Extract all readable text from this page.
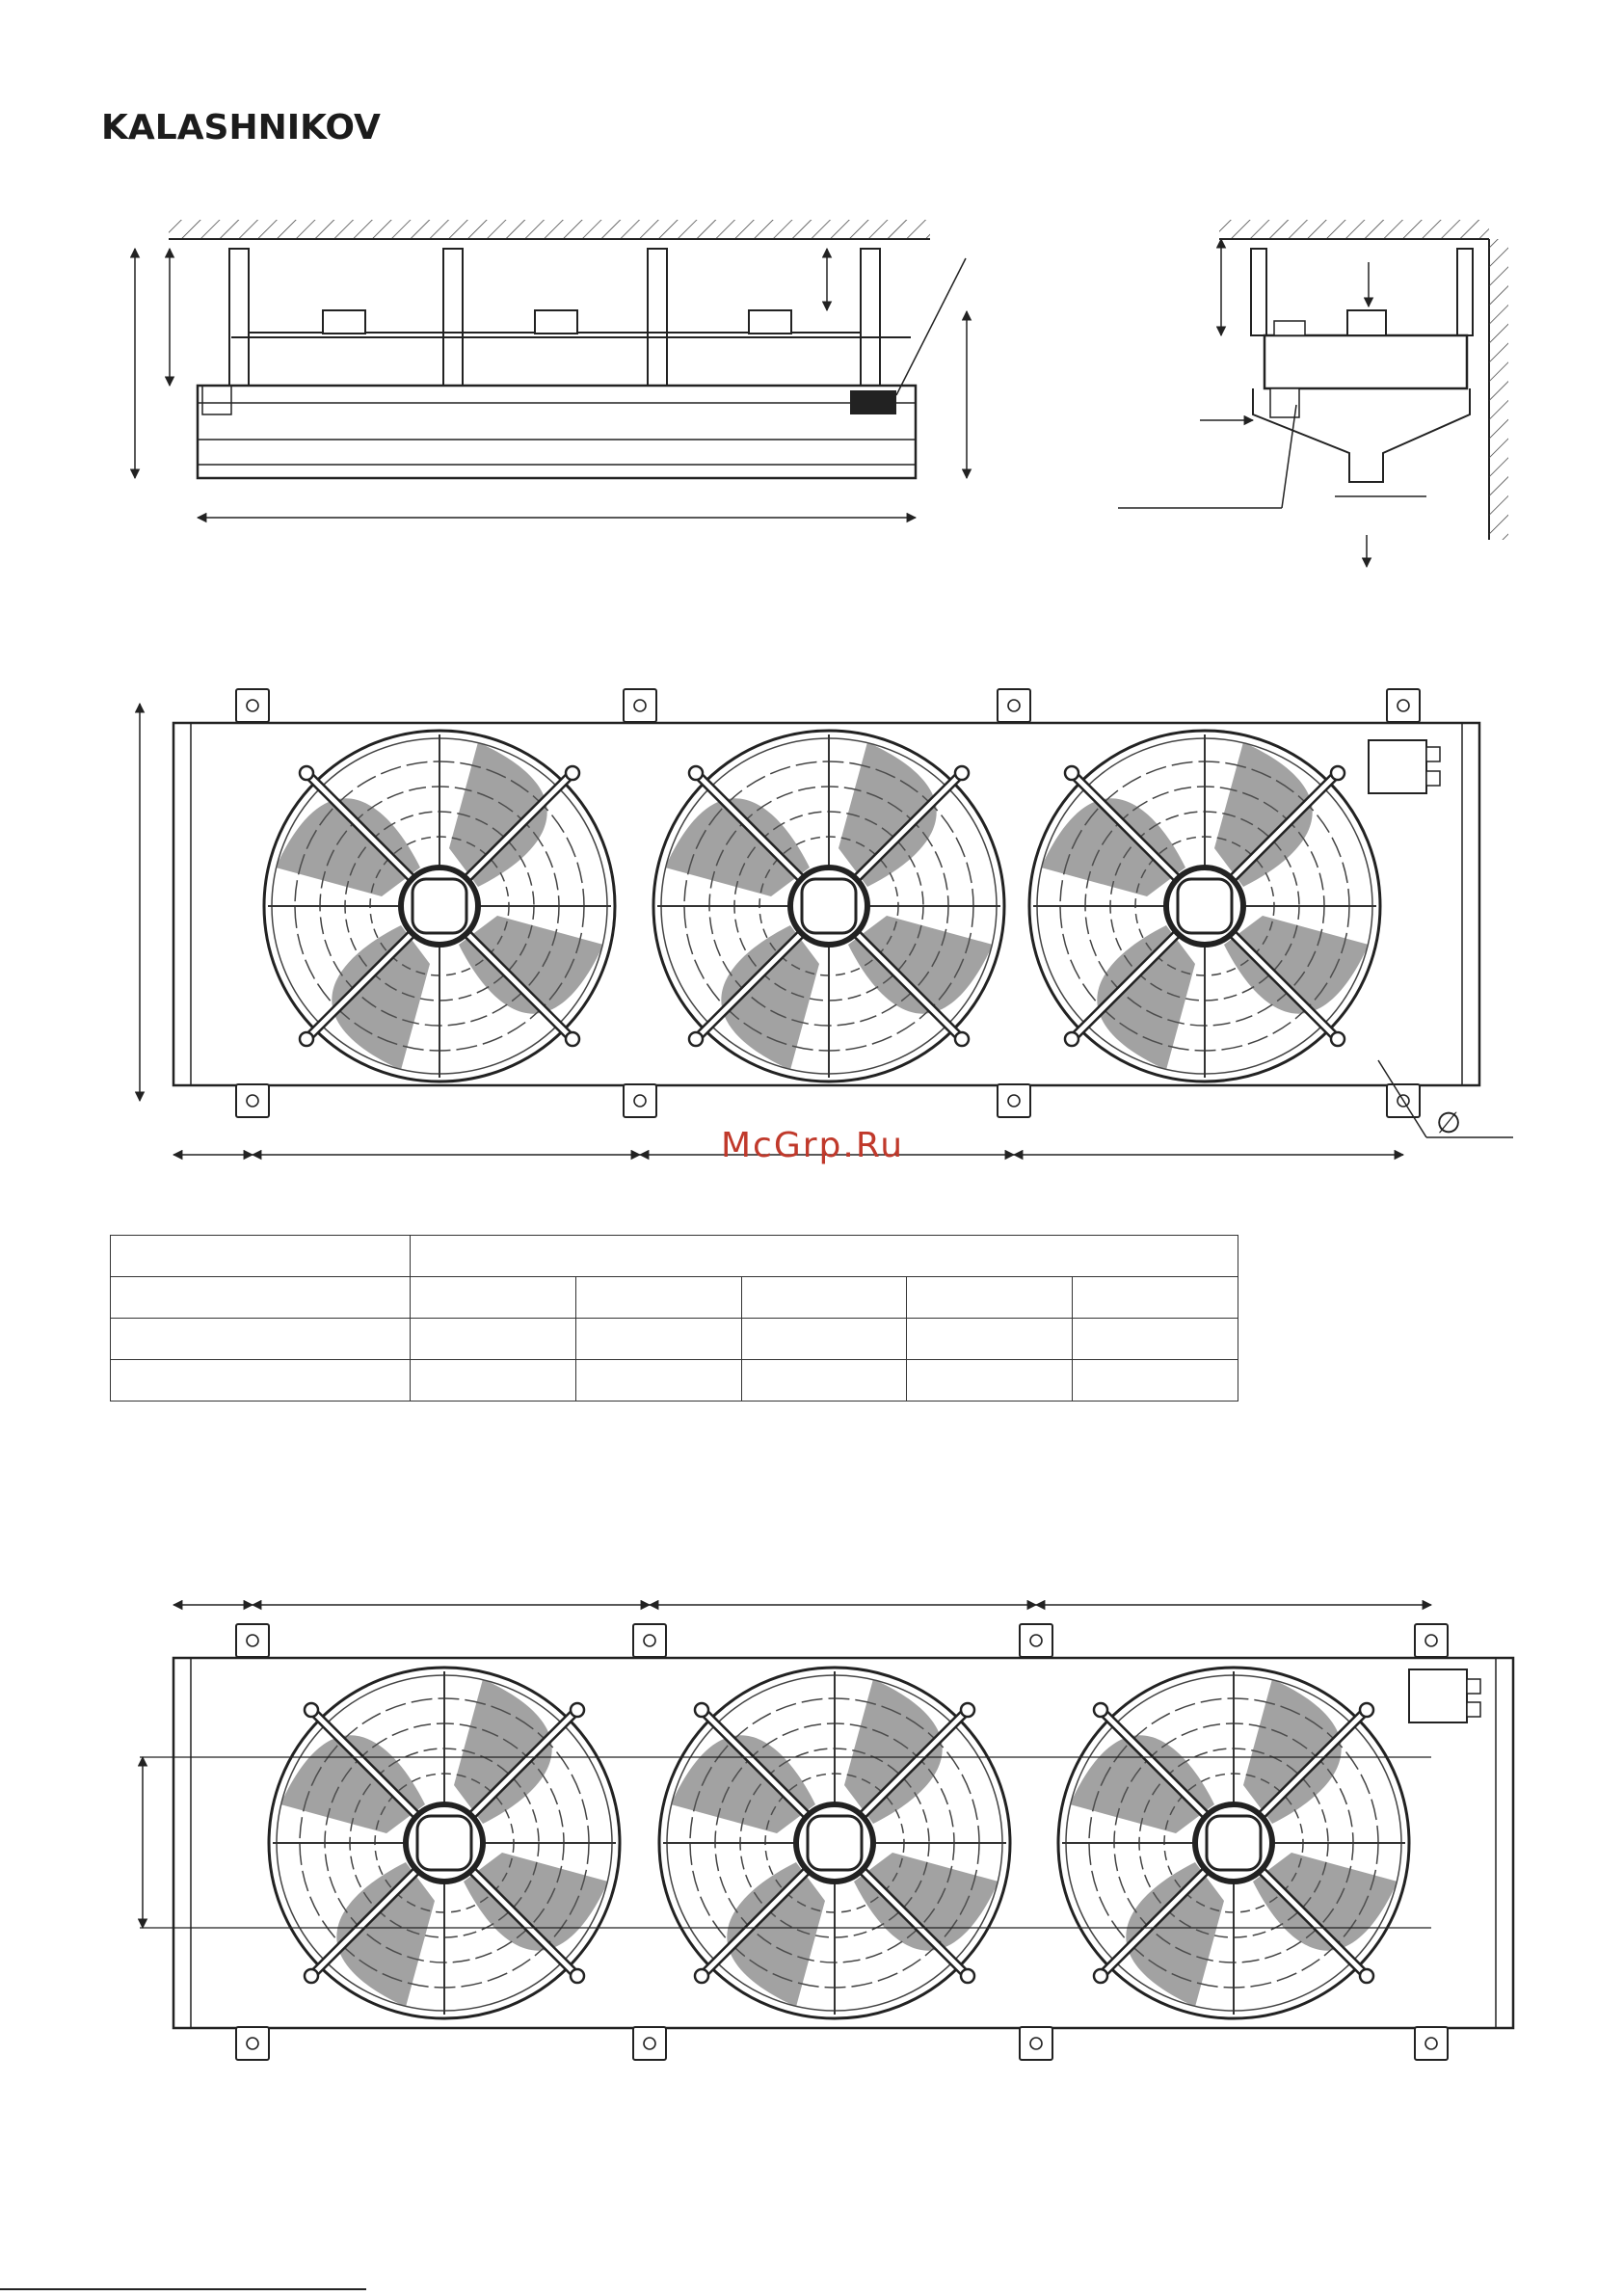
KALASHNIKOV
∅
McGrp.Ru
